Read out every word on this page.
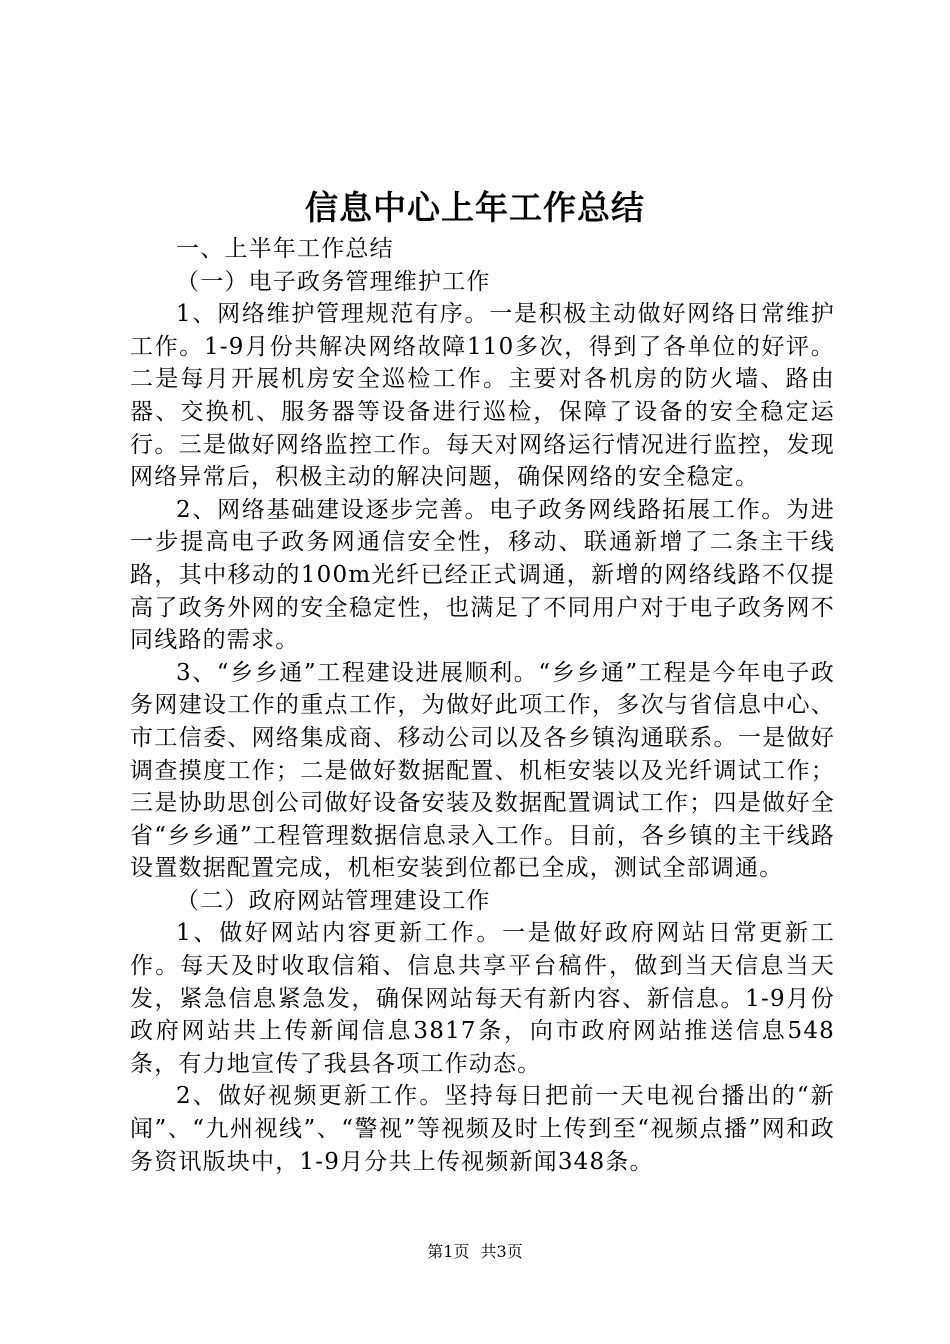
信息中心上年工作总结

一、上半年工作总结

（一）电子政务管理维护工作

1、网络维护管理规范有序。一是积极主动做好网络日常维护工作。1-9月份共解决网络故障110多次，得到了各单位的好评。二是每月开展机房安全巡检工作。主要对各机房的防火墙、路由器、交换机、服务器等设备进行巡检，保障了设备的安全稳定运行。三是做好网络监控工作。每天对网络运行情况进行监控，发现网络异常后，积极主动的解决问题，确保网络的安全稳定。

2、网络基础建设逐步完善。电子政务网线路拓展工作。为进一步提高电子政务网通信安全性，移动、联通新增了二条主干线路，其中移动的100m光纤已经正式调通，新增的网络线路不仅提高了政务外网的安全稳定性，也满足了不同用户对于电子政务网不同线路的需求。

3、“乡乡通”工程建设进展顺利。“乡乡通”工程是今年电子政务网建设工作的重点工作，为做好此项工作，多次与省信息中心、市工信委、网络集成商、移动公司以及各乡镇沟通联系。一是做好调查摸度工作；二是做好数据配置、机柜安装以及光纤调试工作；三是协助思创公司做好设备安装及数据配置调试工作；四是做好全省“乡乡通”工程管理数据信息录入工作。目前，各乡镇的主干线路设置数据配置完成，机柜安装到位都已全成，测试全部调通。

（二）政府网站管理建设工作

1、做好网站内容更新工作。一是做好政府网站日常更新工作。每天及时收取信箱、信息共享平台稿件，做到当天信息当天发，紧急信息紧急发，确保网站每天有新内容、新信息。1-9月份政府网站共上传新闻信息3817条，向市政府网站推送信息548条，有力地宣传了我县各项工作动态。

2、做好视频更新工作。坚持每日把前一天电视台播出的“新闻”、“九州视线”、“警视”等视频及时上传到至“视频点播”网和政务资讯版块中，1-9月分共上传视频新闻348条。

第1页 共3页
